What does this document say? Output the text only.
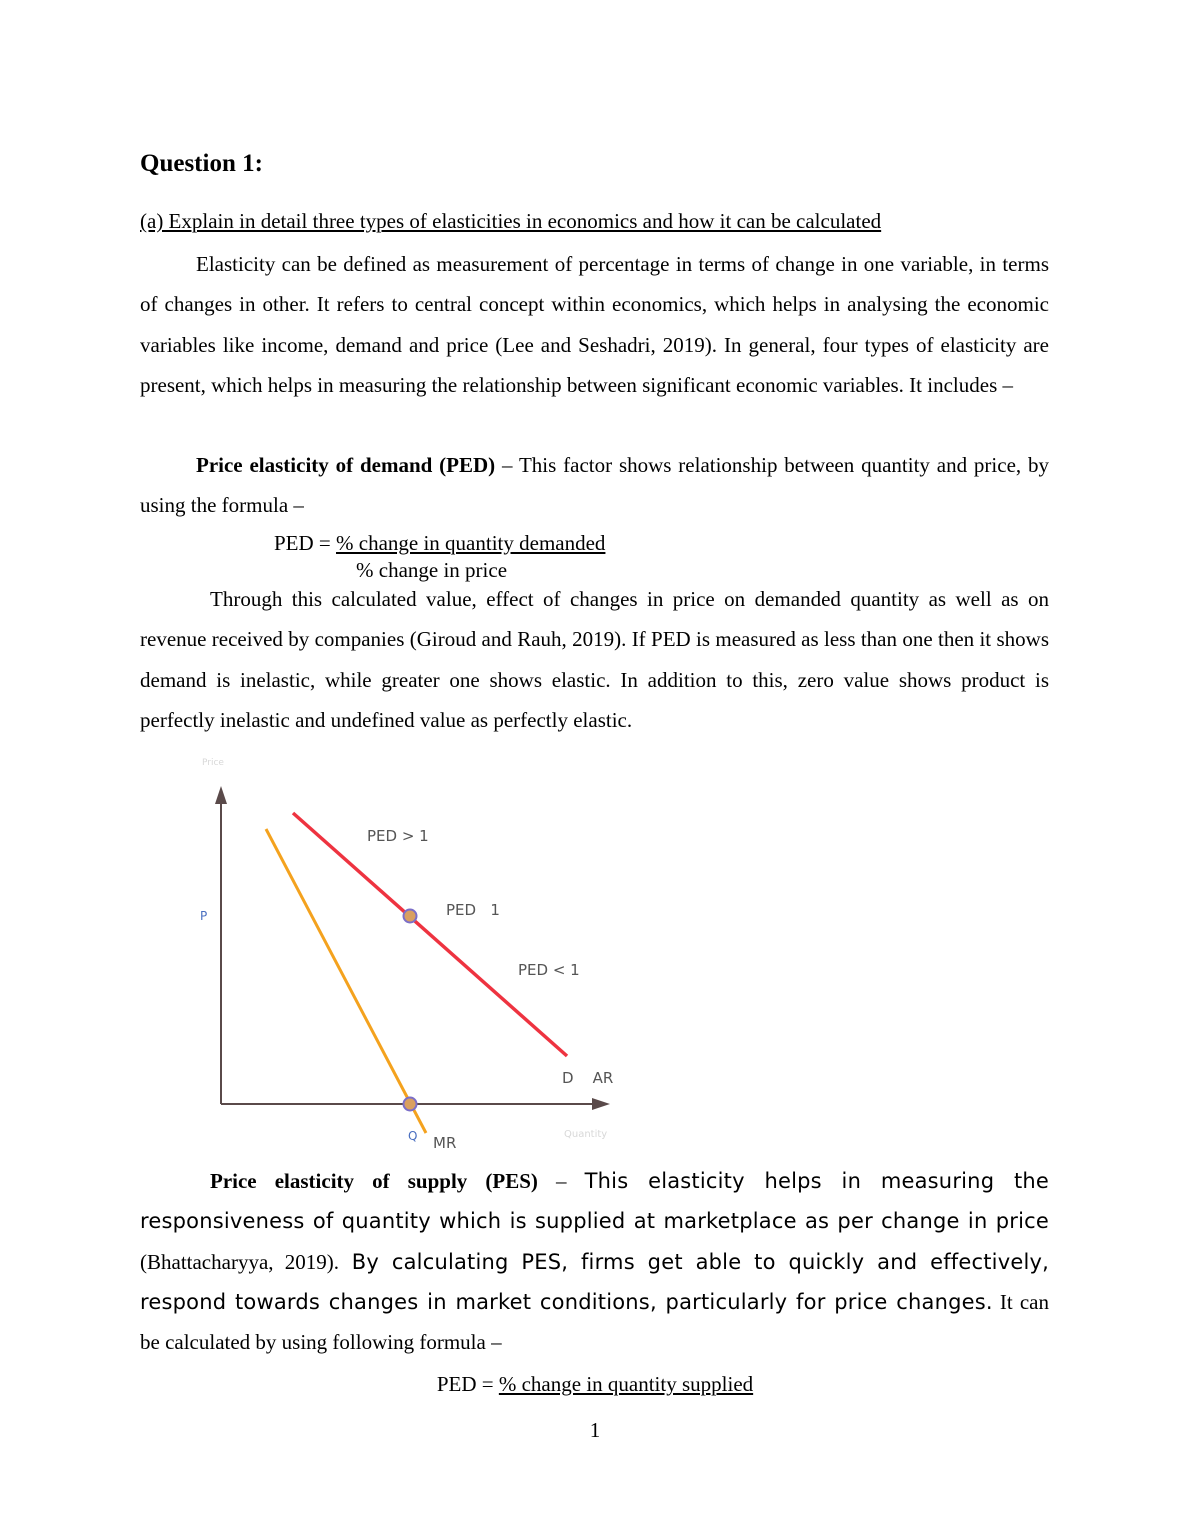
Question 1:

(a) Explain in detail three types of elasticities in economics and how it can be calculated

Elasticity can be defined as measurement of percentage in terms of change in one variable, in terms of changes in other. It refers to central concept within economics, which helps in analysing the economic variables like income, demand and price (Lee and Seshadri, 2019). In general, four types of elasticity are present, which helps in measuring the relationship between significant economic variables. It includes –

Price elasticity of demand (PED) – This factor shows relationship between quantity and price, by using the formula –

PED = % change in quantity demanded

% change in price

Through this calculated value, effect of changes in price on demanded quantity as well as on revenue received by companies (Giroud and Rauh, 2019). If PED is measured as less than one then it shows demand is inelastic, while greater one shows elastic. In addition to this, zero value shows product is perfectly inelastic and undefined value as perfectly elastic.

Price
Quantity
P
Q
PED > 1
PED   1
PED < 1
D    AR
MR

Price elasticity of supply (PES) – This elasticity helps in measuring the responsiveness of quantity which is supplied at marketplace as per change in price (Bhattacharyya, 2019). By calculating PES, firms get able to quickly and effectively, respond towards changes in market conditions, particularly for price changes. It can be calculated by using following formula –

PED = % change in quantity supplied

1
